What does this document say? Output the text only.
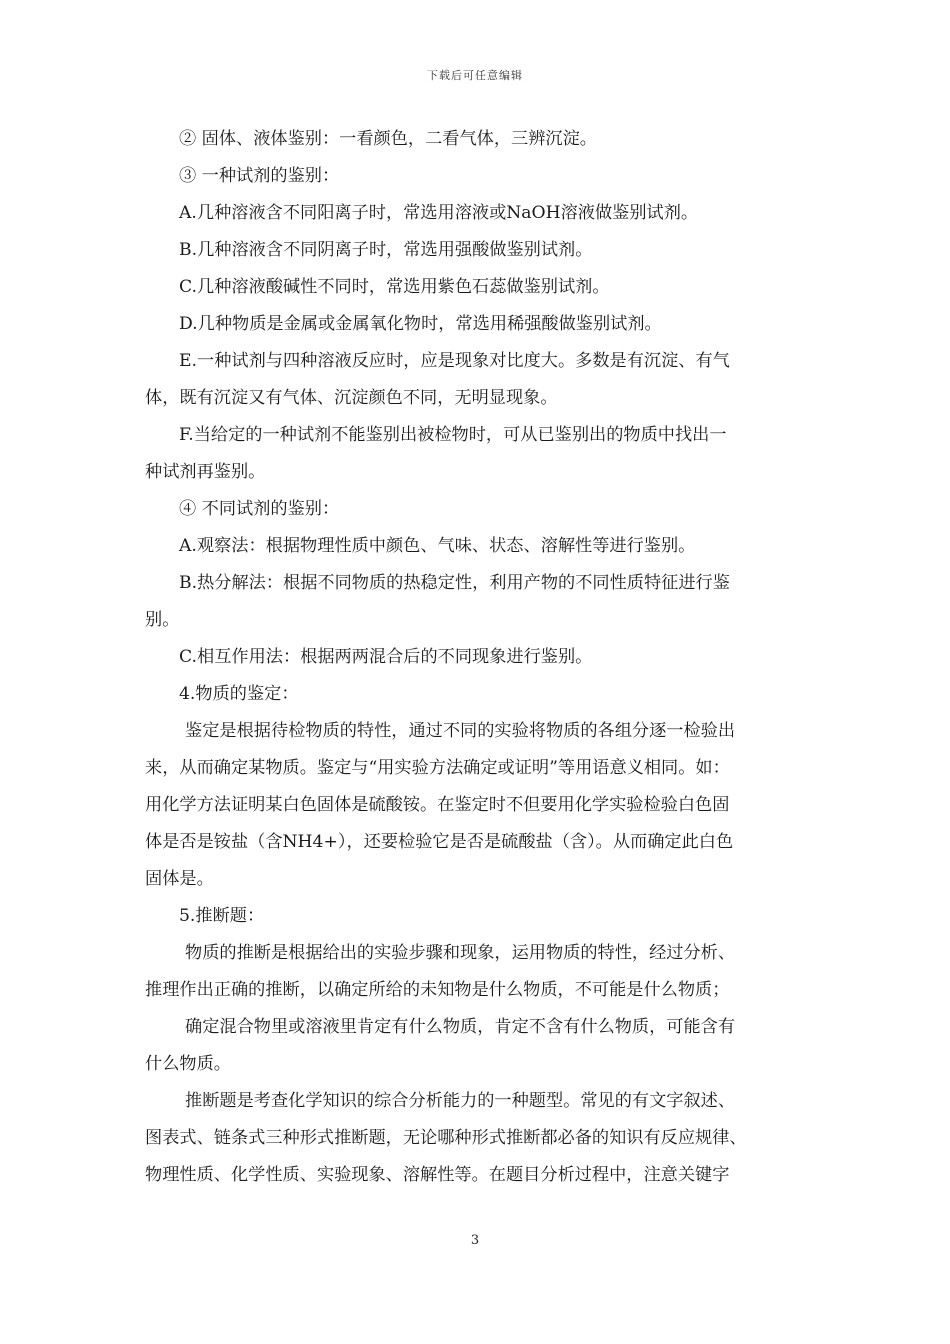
下载后可任意编辑
② 固体、液体鉴别：一看颜色，二看气体，三辨沉淀。
③ 一种试剂的鉴别：
A.几种溶液含不同阳离子时，常选用溶液或NaOH溶液做鉴别试剂。
B.几种溶液含不同阴离子时，常选用强酸做鉴别试剂。
C.几种溶液酸碱性不同时，常选用紫色石蕊做鉴别试剂。
D.几种物质是金属或金属氧化物时，常选用稀强酸做鉴别试剂。
E.一种试剂与四种溶液反应时，应是现象对比度大。多数是有沉淀、有气
体，既有沉淀又有气体、沉淀颜色不同，无明显现象。
F.当给定的一种试剂不能鉴别出被检物时，可从已鉴别出的物质中找出一
种试剂再鉴别。
④ 不同试剂的鉴别：
A.观察法：根据物理性质中颜色、气味、状态、溶解性等进行鉴别。
B.热分解法：根据不同物质的热稳定性，利用产物的不同性质特征进行鉴
别。
C.相互作用法：根据两两混合后的不同现象进行鉴别。
4.物质的鉴定：
鉴定是根据待检物质的特性，通过不同的实验将物质的各组分逐一检验出
来，从而确定某物质。鉴定与“用实验方法确定或证明”等用语意义相同。如：
用化学方法证明某白色固体是硫酸铵。在鉴定时不但要用化学实验检验白色固
体是否是铵盐（含NH4+），还要检验它是否是硫酸盐（含）。从而确定此白色
固体是。
5.推断题：
物质的推断是根据给出的实验步骤和现象，运用物质的特性，经过分析、
推理作出正确的推断，以确定所给的未知物是什么物质，不可能是什么物质；
确定混合物里或溶液里肯定有什么物质，肯定不含有什么物质，可能含有
什么物质。
推断题是考查化学知识的综合分析能力的一种题型。常见的有文字叙述、
图表式、链条式三种形式推断题，无论哪种形式推断都必备的知识有反应规律、
物理性质、化学性质、实验现象、溶解性等。在题目分析过程中，注意关键字
3
